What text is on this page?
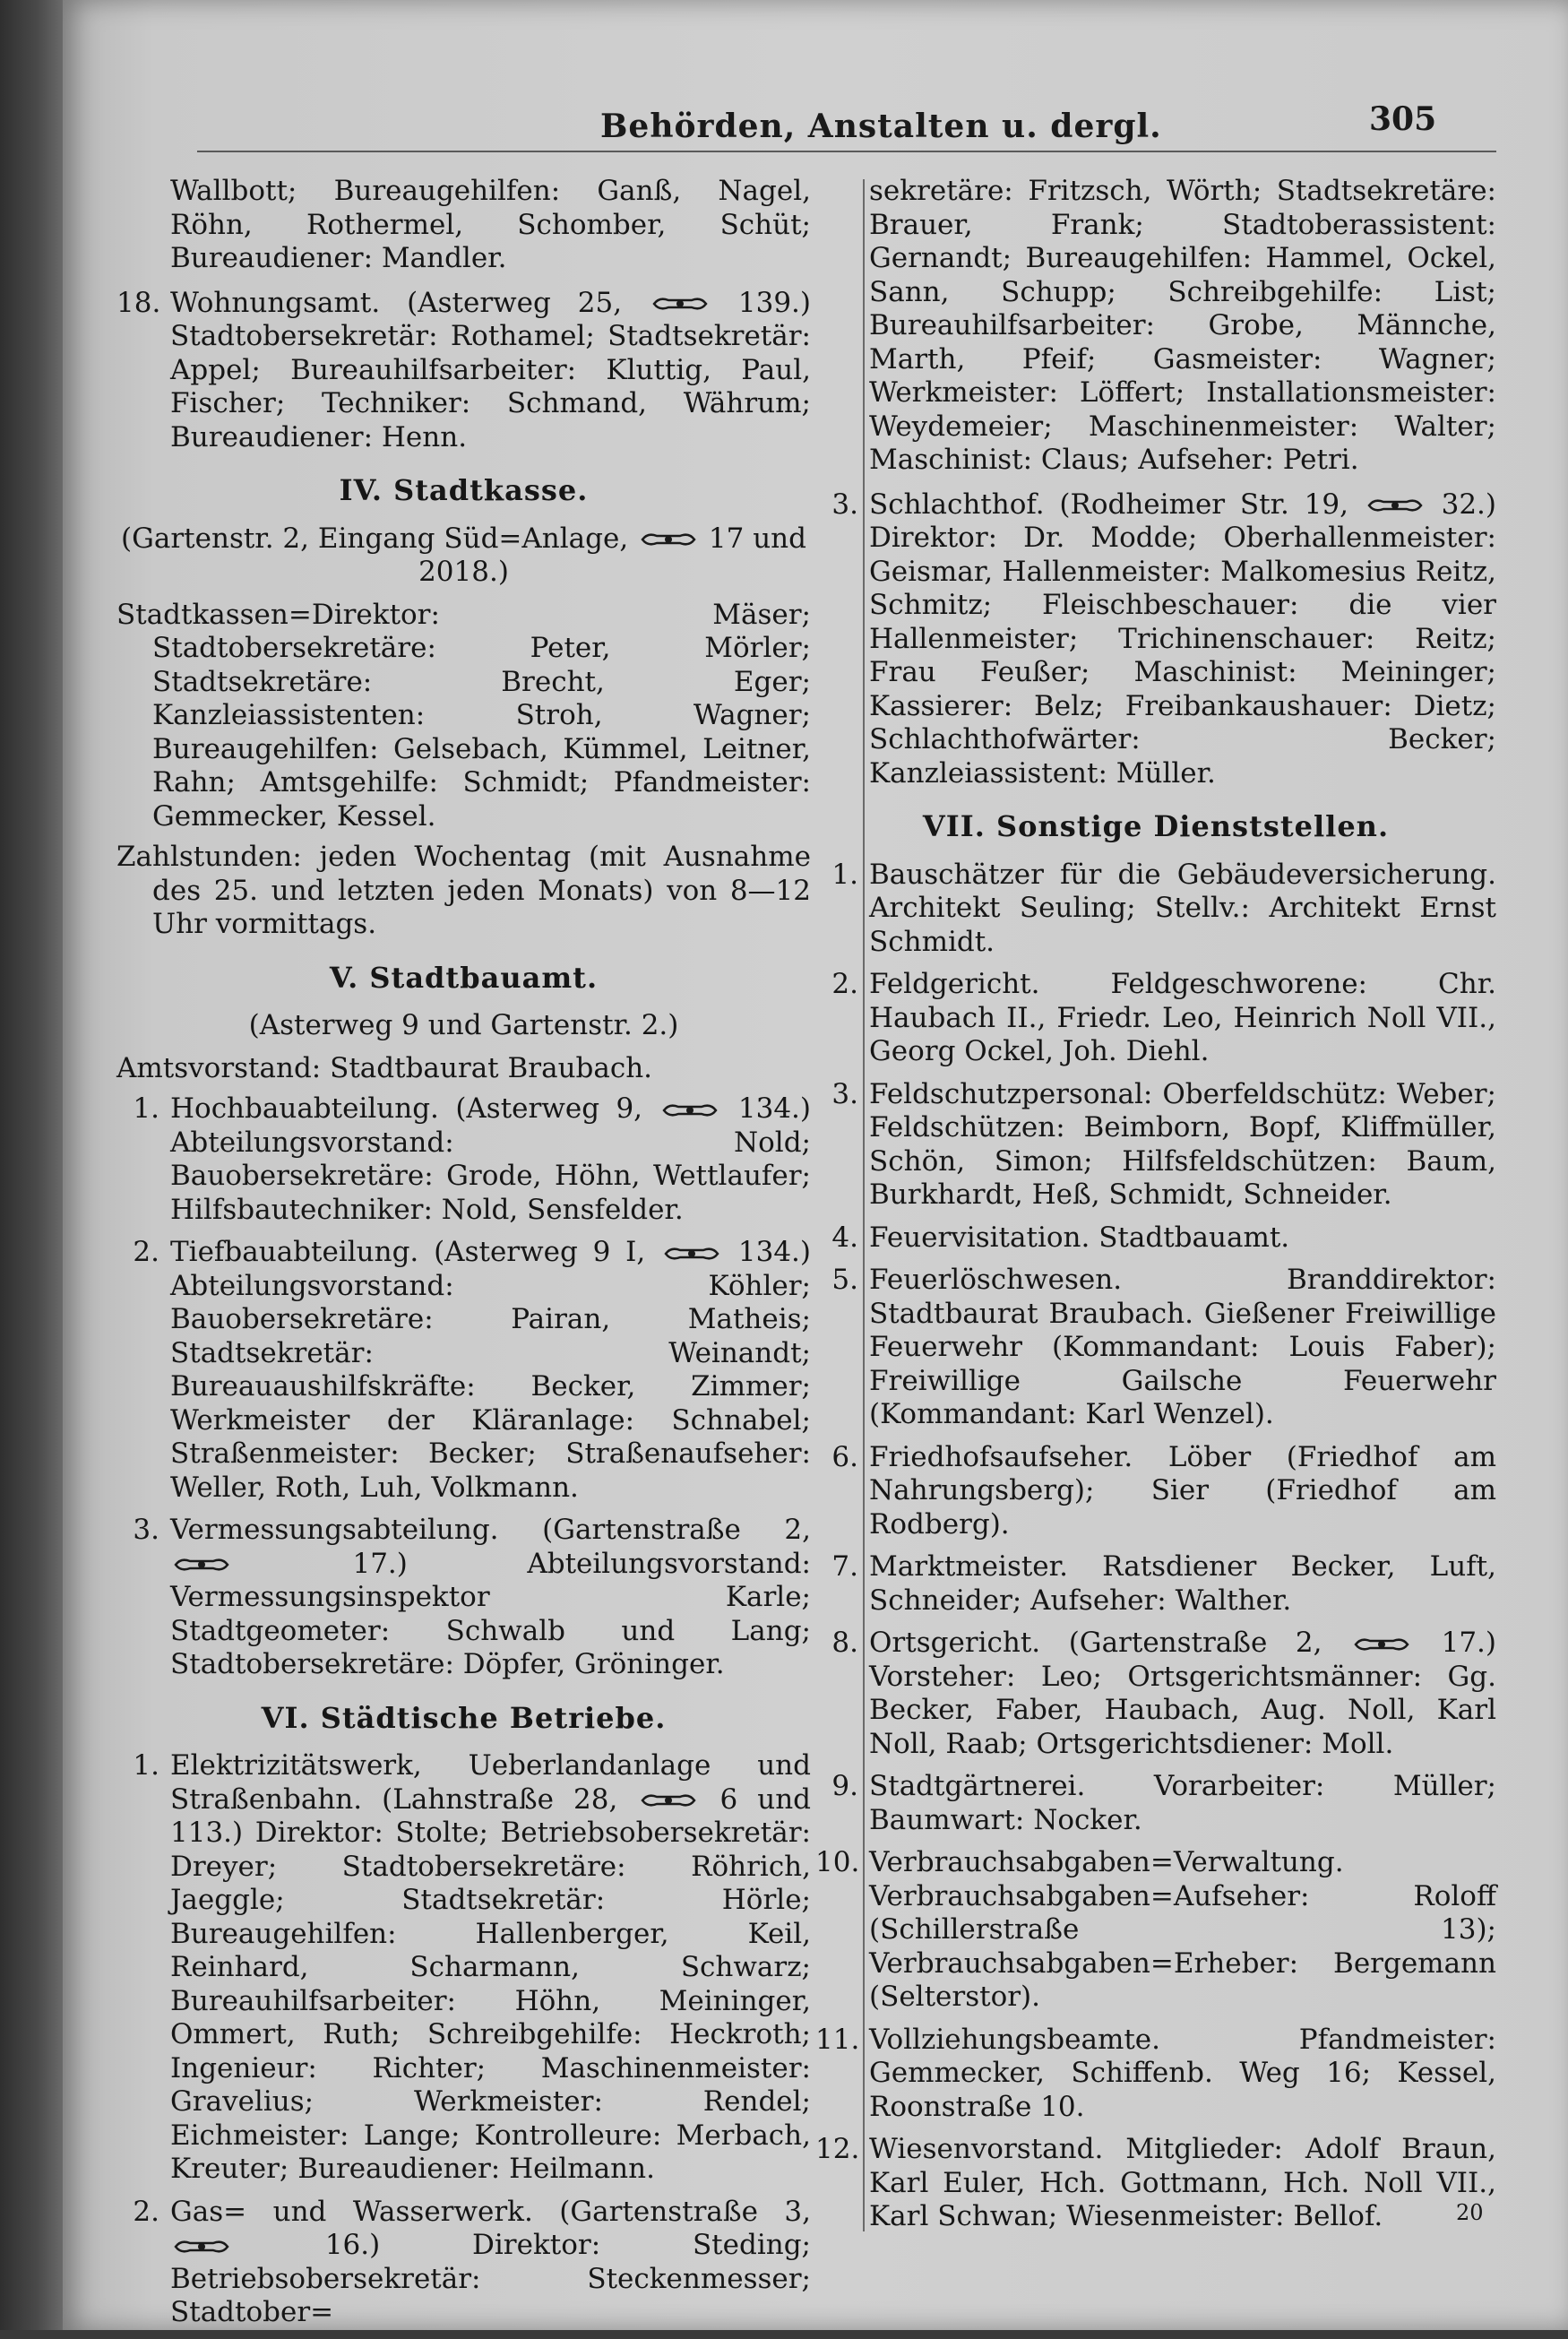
Behörden, Anstalten u. dergl.	305

Wallbott; Bureaugehilfen: Ganß, Nagel, Röhn, Rothermel, Schomber, Schüt; Bureaudiener: Mandler.

18. Wohnungsamt. (Asterweg 25,	139.) Stadtobersekretär: Rothamel; Stadtsekretär: Appel; Bureauhilfsarbeiter: Kluttig, Paul, Fischer; Techniker: Schmand, Währum; Bureaudiener: Henn.
IV. Stadtkasse.

(Gartenstr. 2, Eingang Süd=Anlage,	17 und 2018.)

Stadtkassen=Direktor: Mäser; Stadtobersekretäre: Peter, Mörler; Stadtsekretäre: Brecht, Eger; Kanzleiassistenten: Stroh, Wagner; Bureaugehilfen: Gelsebach, Kümmel, Leitner, Rahn; Amtsgehilfe: Schmidt; Pfandmeister: Gemmecker, Kessel.

Zahlstunden: jeden Wochentag (mit Ausnahme des 25. und letzten jeden Monats) von 8—12 Uhr vormittags.

V. Stadtbauamt.

(Asterweg 9 und Gartenstr. 2.)

Amtsvorstand: Stadtbaurat Braubach.

1. Hochbauabteilung. (Asterweg 9,	134.) Abteilungsvorstand: Nold; Bauobersekretäre: Grode, Höhn, Wettlaufer; Hilfsbautechniker: Nold, Sensfelder.
2. Tiefbauabteilung. (Asterweg 9 I,	134.) Abteilungsvorstand: Köhler; Bauobersekretäre: Pairan, Matheis; Stadtsekretär: Weinandt; Bureauaushilfskräfte: Becker, Zimmer; Werkmeister der Kläranlage: Schnabel; Straßenmeister: Becker; Straßenaufseher: Weller, Roth, Luh, Volkmann.
3. Vermessungsabteilung. (Gartenstraße 2,  17.)	Abteilungsvorstand: Vermessungsinspektor Karle; Stadtgeometer: Schwalb und Lang; Stadtobersekretäre: Döpfer, Gröninger.
VI. Städtische Betriebe.
1. Elektrizitätswerk, Ueberlandanlage und Straßenbahn. (Lahnstraße 28,	6 und 113.) Direktor: Stolte; Betriebsobersekretär: Dreyer; Stadtobersekretäre: Röhrich, Jaeggle; Stadtsekretär: Hörle; Bureaugehilfen: Hallenberger, Keil, Reinhard, Scharmann, Schwarz; Bureauhilfsarbeiter: Höhn, Meininger, Ommert, Ruth; Schreibgehilfe: Heckroth; Ingenieur: Richter; Maschinenmeister: Gravelius; Werkmeister: Rendel; Eichmeister: Lange; Kontrolleure: Merbach, Kreuter; Bureaudiener: Heilmann.
2. Gas= und Wasserwerk. (Gartenstraße 3,  16.)	Direktor: Steding; Betriebsobersekretär: Steckenmesser; Stadtober=

sekretäre: Fritzsch, Wörth; Stadtsekretäre: Brauer, Frank; Stadtoberassistent: Gernandt; Bureaugehilfen: Hammel, Ockel, Sann, Schupp; Schreibgehilfe: List; Bureauhilfsarbeiter: Grobe, Männche, Marth, Pfeif; Gasmeister: Wagner; Werkmeister: Löffert; Installationsmeister: Weydemeier; Maschinenmeister: Walter; Maschinist: Claus; Aufseher: Petri.

3. Schlachthof. (Rodheimer Str. 19,	32.) Direktor: Dr. Modde; Oberhallenmeister: Geismar, Hallenmeister: Malkomesius Reitz, Schmitz; Fleischbeschauer: die vier Hallenmeister; Trichinenschauer: Reitz; Frau Feußer; Maschinist: Meininger; Kassierer: Belz; Freibankaushauer: Dietz; Schlachthofwärter: Becker; Kanzleiassistent: Müller.
VII. Sonstige Dienststellen.
1. Bauschätzer für die Gebäudeversicherung. Architekt Seuling; Stellv.: Architekt Ernst Schmidt.
2. Feldgericht. Feldgeschworene: Chr. Haubach II., Friedr. Leo, Heinrich Noll VII., Georg Ockel, Joh. Diehl.
3. Feldschutzpersonal: Oberfeldschütz: Weber; Feldschützen: Beimborn, Bopf, Kliffmüller, Schön, Simon; Hilfsfeldschützen: Baum, Burkhardt, Heß, Schmidt, Schneider.
4. Feuervisitation. Stadtbauamt.
5. Feuerlöschwesen. Branddirektor: Stadtbaurat Braubach. Gießener Freiwillige Feuerwehr (Kommandant: Louis Faber); Freiwillige Gailsche Feuerwehr (Kommandant: Karl Wenzel).
6. Friedhofsaufseher. Löber (Friedhof am Nahrungsberg); Sier (Friedhof am Rodberg).
7. Marktmeister. Ratsdiener Becker, Luft, Schneider; Aufseher: Walther.
8. Ortsgericht. (Gartenstraße 2,	17.) Vorsteher: Leo; Ortsgerichtsmänner: Gg. Becker, Faber, Haubach, Aug. Noll, Karl Noll, Raab; Ortsgerichtsdiener: Moll.
9. Stadtgärtnerei. Vorarbeiter: Müller; Baumwart: Nocker.
10. Verbrauchsabgaben=Verwaltung. Verbrauchsabgaben=Aufseher: Roloff (Schillerstraße 13); Verbrauchsabgaben=Erheber: Bergemann (Selterstor).
11. Vollziehungsbeamte. Pfandmeister: Gemmecker, Schiffenb. Weg 16; Kessel, Roonstraße 10.
12. Wiesenvorstand. Mitglieder: Adolf Braun, Karl Euler, Hch. Gottmann, Hch. Noll VII., Karl Schwan; Wiesenmeister: Bellof.	20
